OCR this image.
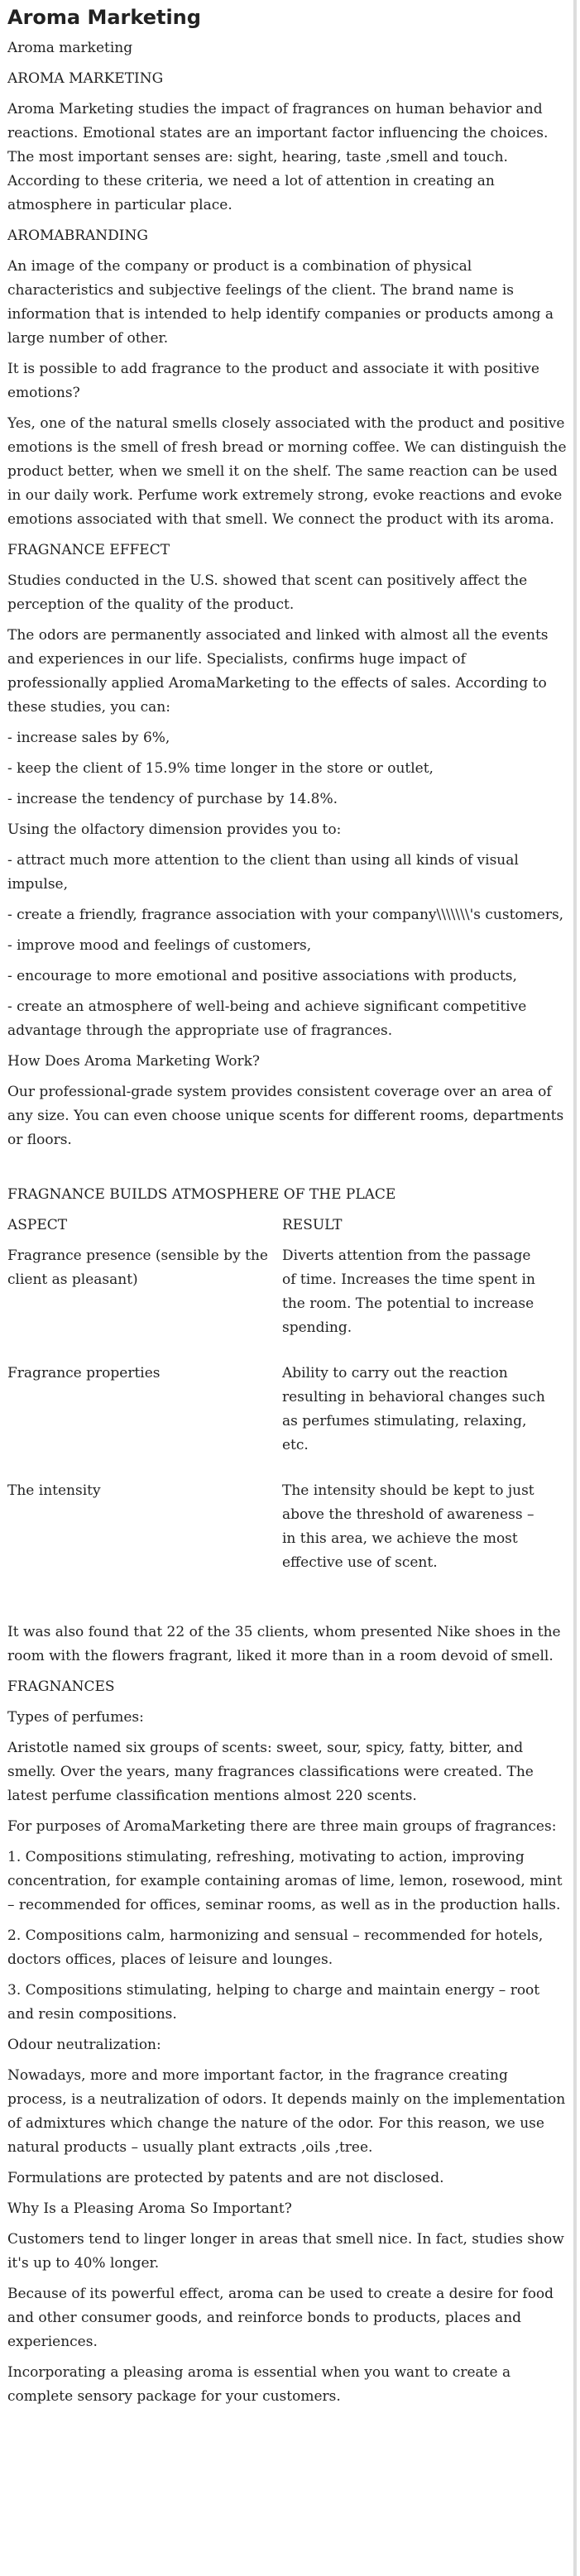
Aroma Marketing

Aroma marketing

AROMA MARKETING

Aroma Marketing studies the impact of fragrances on human behavior and reactions. Emotional states are an important factor influencing the choices. The most important senses are: sight, hearing, taste ,smell and touch. According to these criteria, we need a lot of attention in creating an atmosphere in particular place.

AROMABRANDING

An image of the company or product is a combination of physical characteristics and subjective feelings of the client. The brand name is information that is intended to help identify companies or products among a large number of other.

It is possible to add fragrance to the product and associate it with positive emotions?

Yes, one of the natural smells closely associated with the product and positive emotions is the smell of fresh bread or morning coffee. We can distinguish the product better, when we smell it on the shelf. The same reaction can be used in our daily work. Perfume work extremely strong, evoke reactions and evoke emotions associated with that smell. We connect the product with its aroma.

FRAGNANCE EFFECT

Studies conducted in the U.S. showed that scent can positively affect the perception of the quality of the product.

The odors are permanently associated and linked with almost all the events and experiences in our life. Specialists, confirms huge impact of professionally applied AromaMarketing to the effects of sales. According to these studies, you can:

- increase sales by 6%,

- keep the client of 15.9% time longer in the store or outlet,

- increase the tendency of purchase by 14.8%.

Using the olfactory dimension provides you to:

- attract much more attention to the client than using all kinds of visual impulse,

- create a friendly, fragrance association with your company\\\\\\\'s customers,

- improve mood and feelings of customers,

- encourage to more emotional and positive associations with products,

- create an atmosphere of well-being and achieve significant competitive advantage through the appropriate use of fragrances.

How Does Aroma Marketing Work?

Our professional-grade system provides consistent coverage over an area of any size. You can even choose unique scents for different rooms, departments or floors.

FRAGNANCE BUILDS ATMOSPHERE OF THE PLACE

ASPECT	RESULT
Fragrance presence (sensible by the client as pleasant)	Diverts attention from the passage of time. Increases the time spent in the room. The potential to increase spending.
Fragrance properties	Ability to carry out the reaction resulting in behavioral changes such as perfumes stimulating, relaxing, etc.
The intensity	The intensity should be kept to just above the threshold of awareness – in this area, we achieve the most effective use of scent.

It was also found that 22 of the 35 clients, whom presented Nike shoes in the room with the flowers fragrant, liked it more than in a room devoid of smell.

FRAGNANCES

Types of perfumes:

Aristotle named six groups of scents: sweet, sour, spicy, fatty, bitter, and smelly. Over the years, many fragrances classifications were created. The latest perfume classification mentions almost 220 scents.

For purposes of AromaMarketing there are three main groups of fragrances:

1. Compositions stimulating, refreshing, motivating to action, improving concentration, for example containing aromas of lime, lemon, rosewood, mint – recommended for offices, seminar rooms, as well as in the production halls.

2. Compositions calm, harmonizing and sensual – recommended for hotels, doctors offices, places of leisure and lounges.

3. Compositions stimulating, helping to charge and maintain energy – root and resin compositions.

Odour neutralization:

Nowadays, more and more important factor, in the fragrance creating process, is a neutralization of odors. It depends mainly on the implementation of admixtures which change the nature of the odor. For this reason, we use natural products – usually plant extracts ,oils ,tree.

Formulations are protected by patents and are not disclosed.

Why Is a Pleasing Aroma So Important?

Customers tend to linger longer in areas that smell nice. In fact, studies show it's up to 40% longer.

Because of its powerful effect, aroma can be used to create a desire for food and other consumer goods, and reinforce bonds to products, places and experiences.

Incorporating a pleasing aroma is essential when you want to create a complete sensory package for your customers.
